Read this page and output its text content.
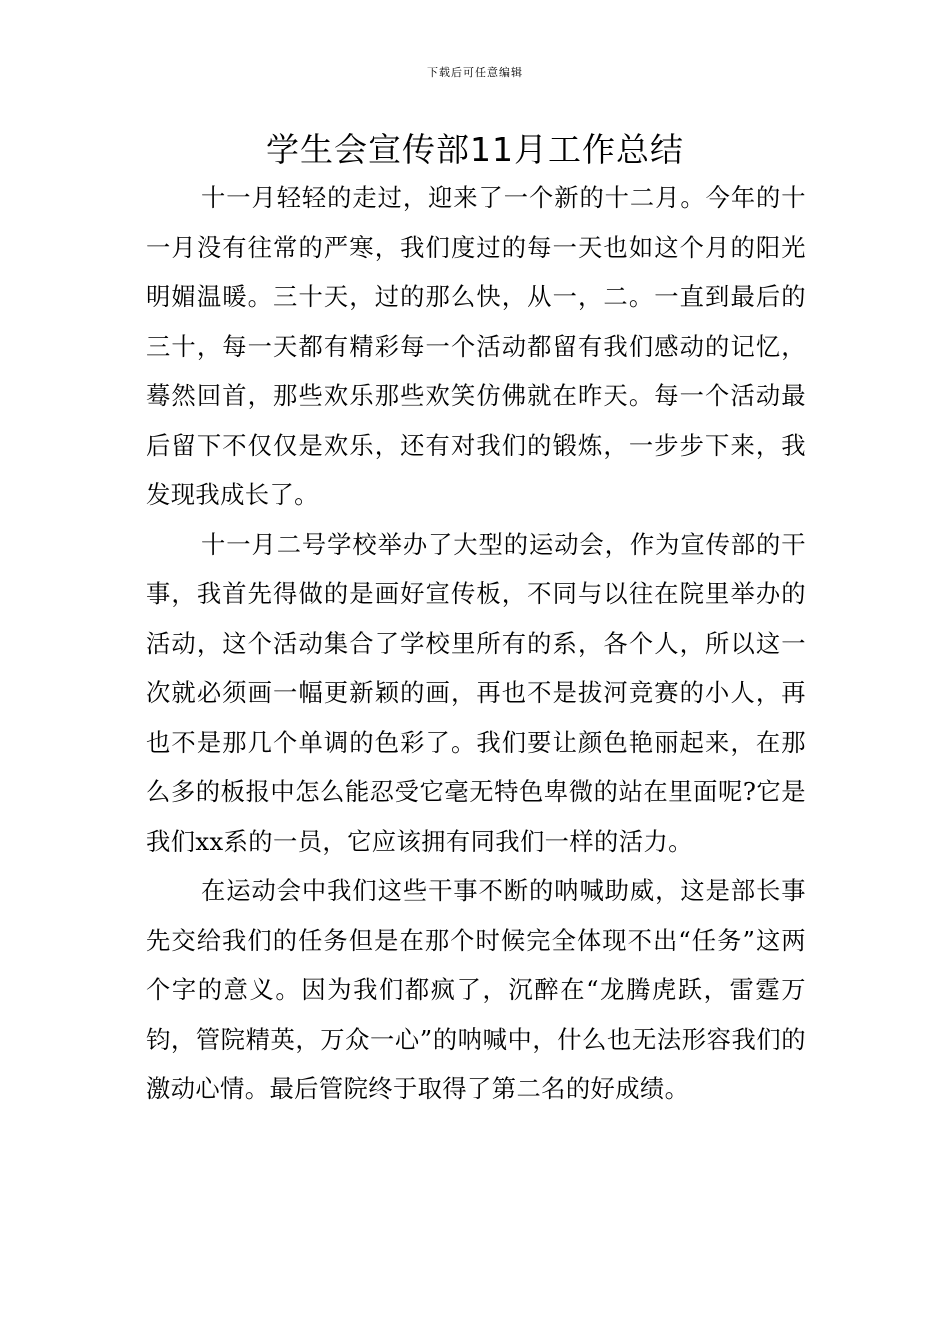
下载后可任意编辑
学生会宣传部11月工作总结

十一月轻轻的走过，迎来了一个新的十二月。今年的十一月没有往常的严寒，我们度过的每一天也如这个月的阳光明媚温暖。三十天，过的那么快，从一，二。一直到最后的三十，每一天都有精彩每一个活动都留有我们感动的记忆，蓦然回首，那些欢乐那些欢笑仿佛就在昨天。每一个活动最后留下不仅仅是欢乐，还有对我们的锻炼，一步步下来，我发现我成长了。

十一月二号学校举办了大型的运动会，作为宣传部的干事，我首先得做的是画好宣传板，不同与以往在院里举办的活动，这个活动集合了学校里所有的系，各个人，所以这一次就必须画一幅更新颖的画，再也不是拔河竞赛的小人，再也不是那几个单调的色彩了。我们要让颜色艳丽起来，在那么多的板报中怎么能忍受它毫无特色卑微的站在里面呢?它是我们xx系的一员，它应该拥有同我们一样的活力。

在运动会中我们这些干事不断的呐喊助威，这是部长事先交给我们的任务但是在那个时候完全体现不出“任务”这两个字的意义。因为我们都疯了，沉醉在“龙腾虎跃，雷霆万钧，管院精英，万众一心”的呐喊中，什么也无法形容我们的激动心情。最后管院终于取得了第二名的好成绩。
